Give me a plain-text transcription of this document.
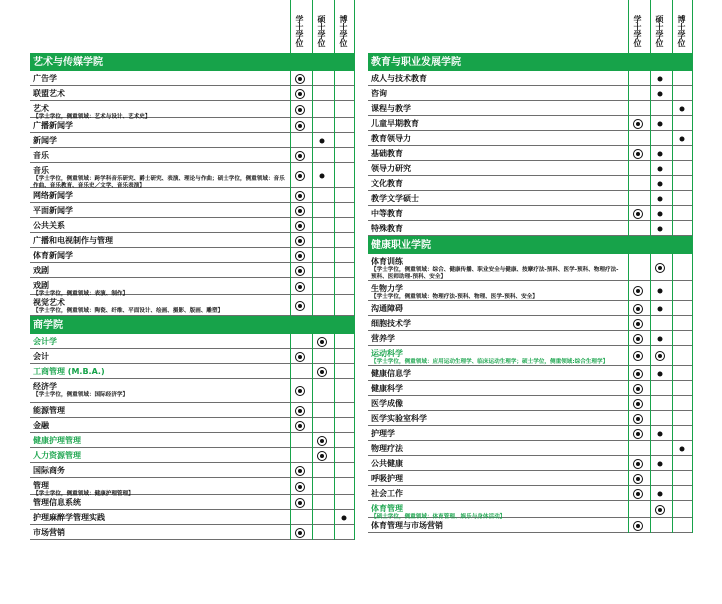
学士学位 硕士学位 博士学位
艺术与传媒学院
广告学
联盟艺术
艺术
【学士学位，侧重领域：艺术与设计、艺术史】
广播新闻学
新闻学
音乐
音乐
【学士学位，侧重领域：跨学科音乐研究、爵士研究、表演、理论与作曲；硕士学位，侧重领域：音乐作曲、音乐教育、音乐史／文学、音乐表演】
网络新闻学
平面新闻学
公共关系
广播和电视制作与管理
体育新闻学
戏剧
戏剧
【学士学位，侧重领域：表演、制作】
视觉艺术
【学士学位，侧重领域：陶瓷、纤维、平面设计、绘画、摄影、版画、雕塑】
商学院
会计学
会计
工商管理 (M.B.A.)
经济学
【学士学位，侧重领域：国际经济学】
能源管理
金融
健康护理管理
人力资源管理
国际商务
管理
【学士学位，侧重领域：健康护理管理】
管理信息系统
护理麻醉学管理实践
市场营销
学士学位 硕士学位 博士学位
教育与职业发展学院
成人与技术教育
咨询
课程与教学
儿童早期教育
教育领导力
基础教育
领导力研究
文化教育
教学文学硕士
中等教育
特殊教育
健康职业学院
体育训练
【学士学位，侧重领域：综合、健康传播、职业安全与健康、按摩疗法-预科、医学-预科、物理疗法-预科、医师助理-预科、安全】
生物力学
【学士学位，侧重领域：物理疗法-预科、物理、医学-预科、安全】
沟通障碍
细胞技术学
营养学
运动科学
【学士学位，侧重领域：应用运动生理学、临床运动生理学；硕士学位，侧重领域:综合生理学】
健康信息学
健康科学
医学成像
医学实验室科学
护理学
物理疗法
公共健康
呼吸护理
社会工作
体育管理
【硕士学位，侧重领域：体育管理、娱乐与身体活动】
体育管理与市场营销
